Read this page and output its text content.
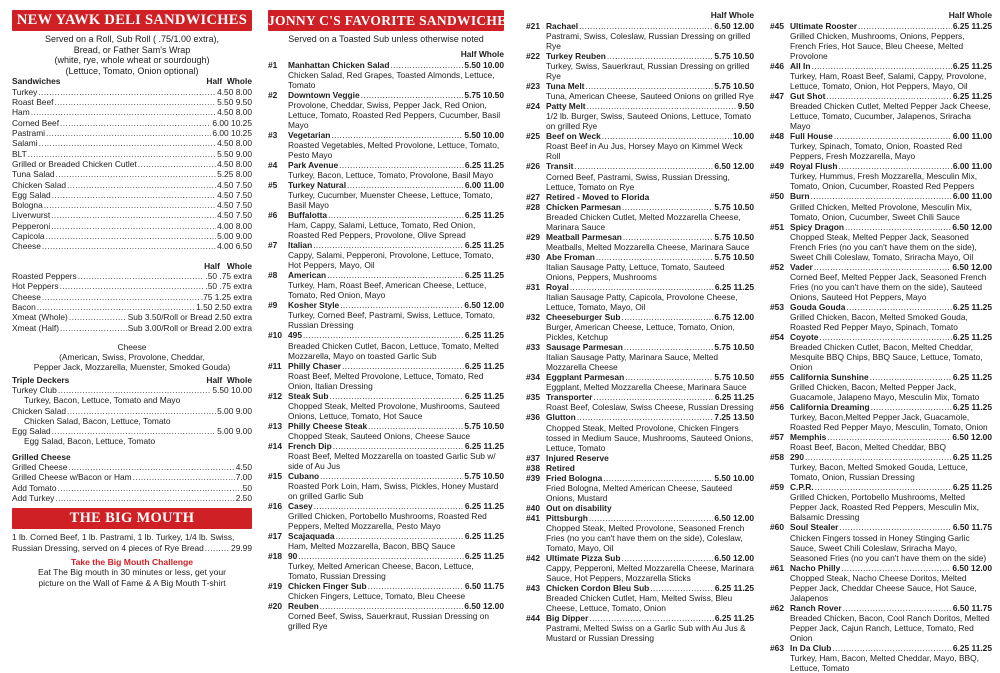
NEW YAWK DELI SANDWICHES
Served on a Roll, Sub Roll ( .75/1.00 extra),
Bread, or Father Sam's Wrap
(white, rye, whole wheat or sourdough)
(Lettuce, Tomato, Onion optional)
Sandwiches	Half
Whole
Turkey .....	4.50 8.00
Roast Beef .....	5.50 9.50
Ham .....	4.50 8.00
Corned Beef .....	6.00 10.25
Pastrami .....	6.00 10.25
Salami .....	4.50 8.00
BLT .....	5.50 9.00
Grilled or Breaded Chicken Cutlet .....	4.50 8.00
Tuna Salad .....	5.25 8.00
Chicken Salad .....	4.50 7.50
Egg Salad .....	4.50 7.50
Bologna .....	4.50 7.50
Liverwurst .....	4.50 7.50
Pepperoni .....	4.00 8.00
Capicola .....	5.00 9.00
Cheese .....	4.00 6.50
Half
Whole
Roasted Peppers .....	.50 .75 extra
Hot Peppers .....	.50 .75 extra
Cheese .....	.75 1.25 extra
Bacon .....	1.50 2.50 extra
Xmeat (Whole) .....	Sub 3.50/Roll or Bread 2.50 extra
Xmeat (Half) .....	Sub 3.00/Roll or Bread 2.00 extra
Cheese
(American, Swiss, Provolone, Cheddar,
Pepper Jack, Mozzarella, Muenster, Smoked Gouda)
Triple Deckers	Half
Whole
Turkey Club .....	5.50 10.00
Turkey, Bacon, Lettuce, Tomato and Mayo
Chicken Salad .....	5.00 9.00
Chicken Salad, Bacon, Lettuce, Tomato
Egg Salad .....	5.00 9.00
Egg Salad, Bacon, Lettuce, Tomato
Grilled Cheese
Grilled Cheese .....	4.50
Grilled Cheese w/Bacon or Ham .....	7.00
Add Tomato .....	.50
Add Turkey .....	2.50
THE BIG MOUTH
1 lb. Corned Beef, 1 lb. Pastrami, 1 lb. Turkey, 1/4 lb. Swiss,
Russian Dressing, served on 4 pieces of Rye Bread .....	29.99
Take the Big Mouth Challenge
Eat The Big mouth in 30 minutes or less, get your
picture on the Wall of Fame & A Big Mouth T-shirt
JONNY C'S FAVORITE SANDWICHES
Served on a Toasted Sub unless otherwise noted
Half Whole
#1	Manhattan Chicken Salad .....	5.50 10.00
Chicken Salad, Red Grapes, Toasted Almonds, Lettuce, Tomato
#2	Downtown Veggie .....	5.75 10.50
Provolone, Cheddar, Swiss, Pepper Jack, Red Onion, Lettuce, Tomato, Roasted Red Peppers, Cucumber, Basil Mayo
#3	Vegetarian .....	5.50 10.00
Roasted Vegetables, Melted Provolone, Lettuce, Tomato, Pesto Mayo
#4	Park Avenue .....	6.25 11.25
Turkey, Bacon, Lettuce, Tomato, Provolone, Basil Mayo
#5	Turkey Natural .....	6.00 11.00
Turkey, Cucumber, Muenster Cheese, Lettuce, Tomato, Basil Mayo
#6	Buffalotta .....	6.25 11.25
Ham, Cappy, Salami, Lettuce, Tomato, Red Onion, Roasted Red Peppers, Provolone, Olive Spread
#7	Italian .....	6.25 11.25
Cappy, Salami, Pepperoni, Provolone, Lettuce, Tomato, Hot Peppers, Mayo, Oil
#8	American .....	6.25 11.25
Turkey, Ham, Roast Beef, American Cheese, Lettuce, Tomato, Red Onion, Mayo
#9	Kosher Style .....	6.50 12.00
Turkey, Corned Beef, Pastrami, Swiss, Lettuce, Tomato, Russian Dressing
#10 495 .....	6.25 11.25
Breaded Chicken Cutlet, Bacon, Lettuce, Tomato, Melted Mozzarella, Mayo on toasted Garlic Sub
#11 Philly Chaser .....	6.25 11.25
Roast Beef, Melted Provolone, Lettuce, Tomato, Red Onion, Italian Dressing
#12 Steak Sub .....	6.25 11.25
Chopped Steak, Melted Provolone, Mushrooms, Sauteed Onions, Lettuce, Tomato, Hot Sauce
#13 Philly Cheese Steak .....	5.75 10.50
Chopped Steak, Sauteed Onions, Cheese Sauce
#14 French Dip .....	6.25 11.25
Roast Beef, Melted Mozzarella on toasted Garlic Sub w/ side of Au Jus
#15 Cubano .....	5.75 10.50
Roasted Pork Loin, Ham, Swiss, Pickles, Honey Mustard on grilled Garlic Sub
#16 Casey .....	6.25 11.25
Grilled Chicken, Portobello Mushrooms, Roasted Red Peppers, Melted Mozzarella, Pesto Mayo
#17 Scajaquada .....	6.25 11.25
Ham, Melted Mozzarella, Bacon, BBQ Sauce
#18 90 .....	6.25 11.25
Turkey, Melted American Cheese, Bacon, Lettuce, Tomato, Russian Dressing
#19 Chicken Finger Sub .....	6.50 11.75
Chicken Fingers, Lettuce, Tomato, Bleu Cheese
#20 Reuben .....	6.50 12.00
Corned Beef, Swiss, Sauerkraut, Russian Dressing on grilled Rye
Half Whole
#21 Rachael .....	6.50 12.00
Pastrami, Swiss, Coleslaw, Russian Dressing on grilled Rye
#22 Turkey Reuben .....	5.75 10.50
Turkey, Swiss, Sauerkraut, Russian Dressing on grilled Rye
#23 Tuna Melt .....	5.75 10.50
Tuna, American Cheese, Sauteed Onions on grilled Rye
#24 Patty Melt .....	9.50
1/2 lb. Burger, Swiss, Sauteed Onions, Lettuce, Tomato on grilled Rye
#25 Beef on Weck .....	10.00
Roast Beef in Au Jus, Horsey Mayo on Kimmel Weck Roll
#26 Transit .....	6.50 12.00
Corned Beef, Pastrami, Swiss, Russian Dressing, Lettuce, Tomato on Rye
#27 Retired - Moved to Florida
#28 Chicken Parmesan .....	5.75 10.50
Breaded Chicken Cutlet, Melted Mozzarella Cheese, Marinara Sauce
#29 Meatball Parmesan .....	5.75 10.50
Meatballs, Melted Mozzarella Cheese, Marinara Sauce
#30 Abe Froman .....	5.75 10.50
Italian Sausage Patty, Lettuce, Tomato, Sauteed Onions, Peppers, Mushrooms
#31 Royal .....	6.25 11.25
Italian Sausage Patty, Capicola, Provolone Cheese, Lettuce, Tomato, Mayo, Oil
#32 Cheeseburger Sub .....	6.75 12.00
Burger, American Cheese, Lettuce, Tomato, Onion, Pickles, Ketchup
#33 Sausage Parmesan .....	5.75 10.50
Italian Sausage Patty, Marinara Sauce, Melted Mozzarella Cheese
#34 Eggplant Parmesan .....	5.75 10.50
Eggplant, Melted Mozzarella Cheese, Marinara Sauce
#35 Transporter .....	6.25 11.25
Roast Beef, Coleslaw, Swiss Cheese, Russian Dressing
#36 Glutton .....	7.25 13.50
Chopped Steak, Melted Provolone, Chicken Fingers tossed in Medium Sauce, Mushrooms, Sauteed Onions, Lettuce, Tomato
#37 Injured Reserve
#38 Retired
#39 Fried Bologna .....	5.50 10.00
Fried Bologna, Melted American Cheese, Sauteed Onions, Mustard
#40 Out on disability
#41 Pittsburgh .....	6.50 12.00
Chopped Steak, Melted Provolone, Seasoned French Fries (no you can't have them on the side), Coleslaw, Tomato, Mayo, Oil
#42 Ultimate Pizza Sub .....	6.50 12.00
Cappy, Pepperoni, Melted Mozzarella Cheese, Marinara Sauce, Hot Peppers, Mozzarella Sticks
#43 Chicken Cordon Bleu Sub .....	6.25 11.25
Breaded Chicken Cutlet, Ham, Melted Swiss, Bleu Cheese, Lettuce, Tomato, Onion
#44 Big Dipper .....	6.25 11.25
Pastrami, Melted Swiss on a Garlic Sub with Au Jus & Mustard or Russian Dressing
Half Whole
#45 Ultimate Rooster .....	6.25 11.25
Grilled Chicken, Mushrooms, Onions, Peppers, French Fries, Hot Sauce, Bleu Cheese, Melted Provolone
#46 All In .....	6.25 11.25
Turkey, Ham, Roast Beef, Salami, Cappy, Provolone, Lettuce, Tomato, Onion, Hot Peppers, Mayo, Oil
#47 Gut Shot .....	6.25 11.25
Breaded Chicken Cutlet, Melted Pepper Jack Cheese, Lettuce, Tomato, Cucumber, Jalapenos, Sriracha Mayo
#48 Full House .....	6.00 11.00
Turkey, Spinach, Tomato, Onion, Roasted Red Peppers, Fresh Mozzarella, Mayo
#49 Royal Flush .....	6.00 11.00
Turkey, Hummus, Fresh Mozzarella, Mesculin Mix, Tomato, Onion, Cucumber, Roasted Red Peppers
#50 Burn .....	6.00 11.00
Grilled Chicken, Melted Provolone, Mesculin Mix, Tomato, Onion, Cucumber, Sweet Chili Sauce
#51 Spicy Dragon .....	6.50 12.00
Chopped Steak, Melted Pepper Jack, Seasoned French Fries (no you can't have them on the side), Sweet Chili Coleslaw, Tomato, Sriracha Mayo, Oil
#52 Vader .....	6.50 12.00
Corned Beef, Melted Pepper Jack, Seasoned French Fries (no you can't have them on the side), Sauteed Onions, Sauteed Hot Peppers, Mayo
#53 Gouda Gouda .....	6.25 11.25
Grilled Chicken, Bacon, Melted Smoked Gouda, Roasted Red Pepper Mayo, Spinach, Tomato
#54 Coyote .....	6.25 11.25
Breaded Chicken Cutlet, Bacon, Melted Cheddar, Mesquite BBQ Chips, BBQ Sauce, Lettuce, Tomato, Onion
#55 California Sunshine .....	6.25 11.25
Grilled Chicken, Bacon, Melted Pepper Jack, Guacamole, Jalapeno Mayo, Mesculin Mix, Tomato
#56 California Dreaming .....	6.25 11.25
Turkey, Bacon,Melted Pepper Jack, Guacamole, Roasted Red Pepper Mayo, Mesculin, Tomato, Onion
#57 Memphis .....	6.50 12.00
Roast Beef, Bacon, Melted Cheddar, BBQ
#58 290 .....	6.25 11.25
Turkey, Bacon, Melted Smoked Gouda, Lettuce, Tomato, Onion, Russian Dressing
#59 C.P.R. .....	6.25 11.25
Grilled Chicken, Portobello Mushrooms, Melted Pepper Jack, Roasted Red Peppers, Mesculin Mix, Balsamic Dressing
#60 Soul Stealer .....	6.50 11.75
Chicken Fingers tossed in Honey Stinging Garlic Sauce, Sweet Chili Coleslaw, Sriracha Mayo, Seasoned Fries (no you can't have them on the side)
#61 Nacho Philly .....	6.50 12.00
Chopped Steak, Nacho Cheese Doritos, Melted Pepper Jack, Cheddar Cheese Sauce, Hot Sauce, Jalapenos
#62 Ranch Rover .....	6.50 11.75
Breaded Chicken, Bacon, Cool Ranch Doritos, Melted Pepper Jack, Cajun Ranch, Lettuce, Tomato, Red Onion
#63 In Da Club .....	6.25 11.25
Turkey, Ham, Bacon, Melted Cheddar, Mayo, BBQ, Lettuce, Tomato
